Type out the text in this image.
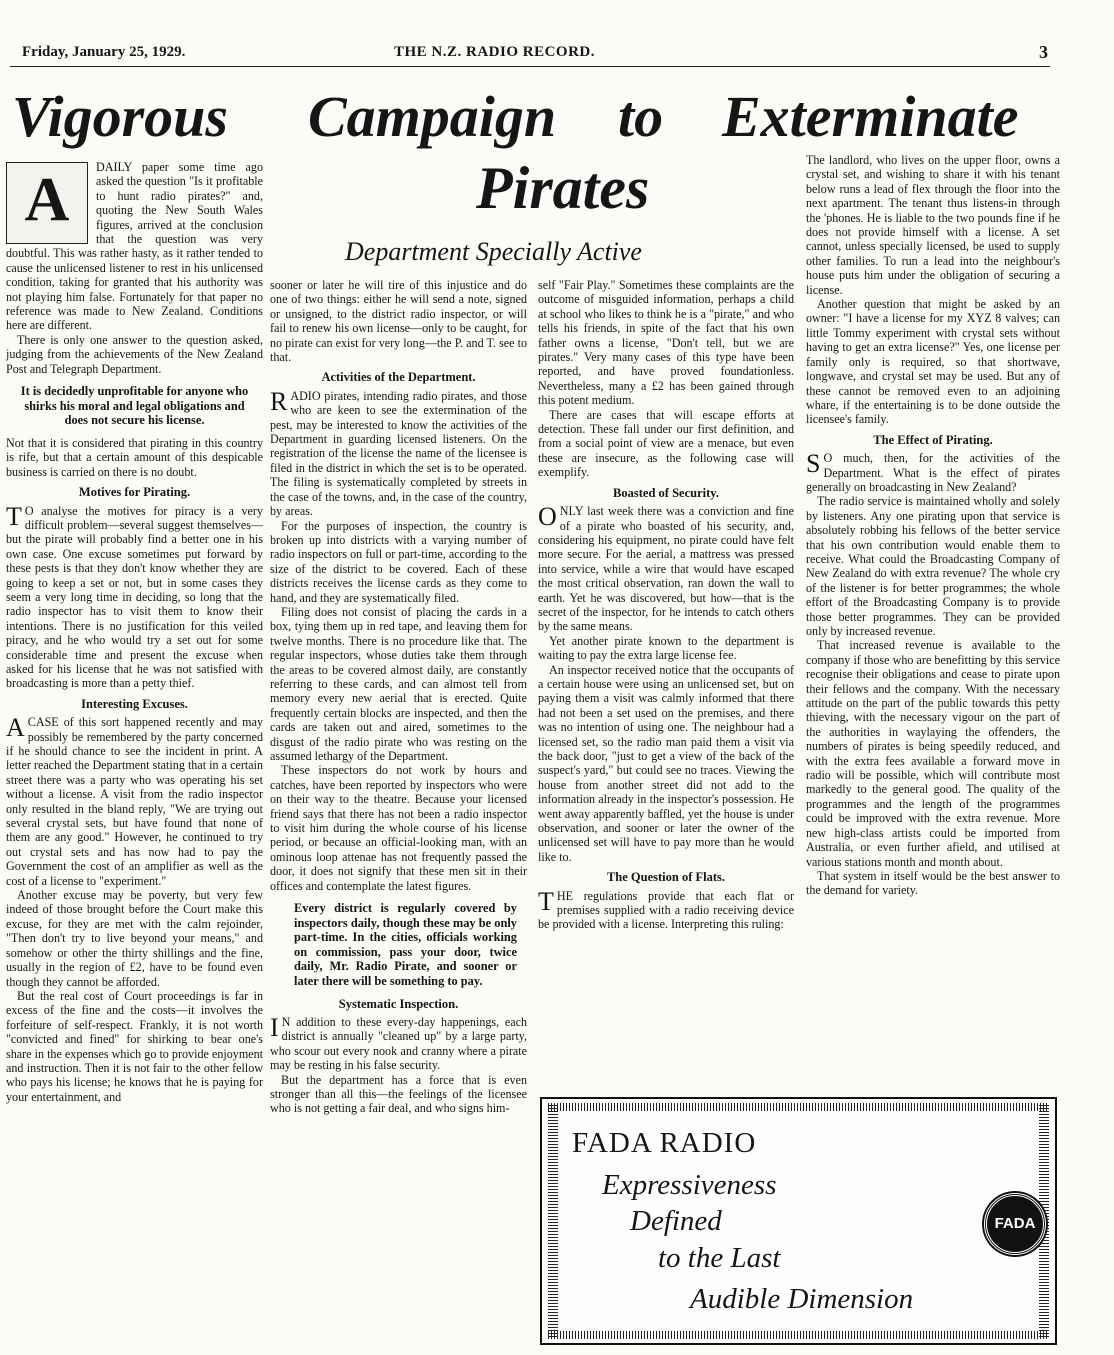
Friday, January 25, 1929.	THE N.Z. RADIO RECORD.	3
Vigorous Campaign to Exterminate
Pirates
Department Specially Active

A	DAILY paper some time ago asked the question "Is it profitable to hunt radio pirates?" and, quoting the New South Wales figures, arrived at the conclusion that the question was very doubtful. This was rather hasty, as it rather tended to cause the unlicensed listener to rest in his unlicensed condition, taking for granted that his authority was not playing him false. Fortunately for that paper no reference was made to New Zealand. Conditions here are different.

There is only one answer to the question asked, judging from the achievements of the New Zealand Post and Telegraph Department.

It is decidedly unprofitable for anyone who shirks his moral and legal obligations and does not secure his license.

Not that it is considered that pirating in this country is rife, but that a certain amount of this despicable business is carried on there is no doubt.

Motives for Pirating.

T O analyse the motives for piracy is a very difficult problem—several suggest themselves—but the pirate will probably find a better one in his own case. One excuse sometimes put forward by these pests is that they don't know whether they are going to keep a set or not, but in some cases they seem a very long time in deciding, so long that the radio inspector has to visit them to know their intentions. There is no justification for this veiled piracy, and he who would try a set out for some considerable time and present the excuse when asked for his license that he was not satisfied with broadcasting is more than a petty thief.

Interesting Excuses.

ACASE of this sort happened recently and may possibly be remembered by the party concerned if he should chance to see the incident in print. A letter reached the Department stating that in a certain street there was a party who was operating his set without a license. A visit from the radio inspector only resulted in the bland reply, "We are trying out several crystal sets, but have found that none of them are any good." However, he continued to try out crystal sets and has now had to pay the Government the cost of an amplifier as well as the cost of a license to "experiment."

Another excuse may be poverty, but very few indeed of those brought before the Court make this excuse, for they are met with the calm rejoinder, "Then don't try to live beyond your means," and somehow or other the thirty shillings and the fine, usually in the region of £2, have to be found even though they cannot be afforded.

But the real cost of Court proceedings is far in excess of the fine and the costs—it involves the forfeiture of self-respect. Frankly, it is not worth "convicted and fined" for shirking to bear one's share in the expenses which go to provide enjoyment and instruction. Then it is not fair to the other fellow who pays his license; he knows that he is paying for your entertainment, and

sooner or later he will tire of this injustice and do one of two things: either he will send a note, signed or unsigned, to the district radio inspector, or will fail to renew his own license—only to be caught, for no pirate can exist for very long—the P. and T. see to that.

Activities of the Department.

RADIO pirates, intending radio pirates, and those who are keen to see the extermination of the pest, may be interested to know the activities of the Department in guarding licensed listeners. On the registration of the license the name of the licensee is filed in the district in which the set is to be operated. The filing is systematically completed by streets in the case of the towns, and, in the case of the country, by areas.

For the purposes of inspection, the country is broken up into districts with a varying number of radio inspectors on full or part-time, according to the size of the district to be covered. Each of these districts receives the license cards as they come to hand, and they are systematically filed.

Filing does not consist of placing the cards in a box, tying them up in red tape, and leaving them for twelve months. There is no procedure like that. The regular inspectors, whose duties take them through the areas to be covered almost daily, are constantly referring to these cards, and can almost tell from memory every new aerial that is erected. Quite frequently certain blocks are inspected, and then the cards are taken out and aired, sometimes to the disgust of the radio pirate who was resting on the assumed lethargy of the Department.

These inspectors do not work by hours and catches, have been reported by inspectors who were on their way to the theatre. Because your licensed friend says that there has not been a radio inspector to visit him during the whole course of his license period, or because an official-looking man, with an ominous loop attenae has not frequently passed the door, it does not signify that these men sit in their offices and contemplate the latest figures.

Every district is regularly covered by inspectors daily, though these may be only part-time. In the cities, officials working on commission, pass your door, twice daily, Mr. Radio Pirate, and sooner or later there will be something to pay.
Systematic Inspection.

I N addition to these every-day happenings, each district is annually "cleaned up" by a large party, who scour out every nook and cranny where a pirate may be resting in his false security.

But the department has a force that is even stronger than all this—the feelings of the licensee who is not getting a fair deal, and who signs him-

self "Fair Play." Sometimes these complaints are the outcome of misguided information, perhaps a child at school who likes to think he is a "pirate," and who tells his friends, in spite of the fact that his own father owns a license, "Don't tell, but we are pirates." Very many cases of this type have been reported, and have proved foundationless. Nevertheless, many a £2 has been gained through this potent medium.

There are cases that will escape efforts at detection. These fall under our first definition, and from a social point of view are a menace, but even these are insecure, as the following case will exemplify.

Boasted of Security.

ONLY last week there was a conviction and fine of a pirate who boasted of his security, and, considering his equipment, no pirate could have felt more secure. For the aerial, a mattress was pressed into service, while a wire that would have escaped the most critical observation, ran down the wall to earth. Yet he was discovered, but how—that is the secret of the inspector, for he intends to catch others by the same means.

Yet another pirate known to the department is waiting to pay the extra large license fee.

An inspector received notice that the occupants of a certain house were using an unlicensed set, but on paying them a visit was calmly informed that there had not been a set used on the premises, and there was no intention of using one. The neighbour had a licensed set, so the radio man paid them a visit via the back door, "just to get a view of the back of the suspect's yard," but could see no traces. Viewing the house from another street did not add to the information already in the inspector's possession. He went away apparently baffled, yet the house is under observation, and sooner or later the owner of the unlicensed set will have to pay more than he would like to.

The Question of Flats.

THE regulations provide that each flat or premises supplied with a radio receiving device be provided with a license. Interpreting this ruling:

The landlord, who lives on the upper floor, owns a crystal set, and wishing to share it with his tenant below runs a lead of flex through the floor into the next apartment. The tenant thus listens-in through the 'phones. He is liable to the two pounds fine if he does not provide himself with a license. A set cannot, unless specially licensed, be used to supply other families. To run a lead into the neighbour's house puts him under the obligation of securing a license.

Another question that might be asked by an owner: "I have a license for my XYZ 8 valves; can little Tommy experiment with crystal sets without having to get an extra license?" Yes, one license per family only is required, so that shortwave, longwave, and crystal set may be used. But any of these cannot be removed even to an adjoining whare, if the entertaining is to be done outside the licensee's family.

The Effect of Pirating.

S O much, then, for the activities of the Department. What is the effect of pirates generally on broadcasting in New Zealand?

The radio service is maintained wholly and solely by listeners. Any one pirating upon that service is absolutely robbing his fellows of the better service that his own contribution would enable them to receive. What could the Broadcasting Company of New Zealand do with extra revenue? The whole cry of the listener is for better programmes; the whole effort of the Broadcasting Company is to provide those better programmes. They can be provided only by increased revenue.

That increased revenue is available to the company if those who are benefitting by this service recognise their obligations and cease to pirate upon their fellows and the company. With the necessary attitude on the part of the public towards this petty thieving, with the necessary vigour on the part of the authorities in waylaying the offenders, the numbers of pirates is being speedily reduced, and with the extra fees available a forward move in radio will be possible, which will contribute most markedly to the general good. The quality of the programmes and the length of the programmes could be improved with the extra revenue. More new high-class artists could be imported from Australia, or even further afield, and utilised at various stations month and month about.

That system in itself would be the best answer to the demand for variety.

FADA RADIO
Expressiveness
Defined
to the Last
Audible Dimension
FADA
